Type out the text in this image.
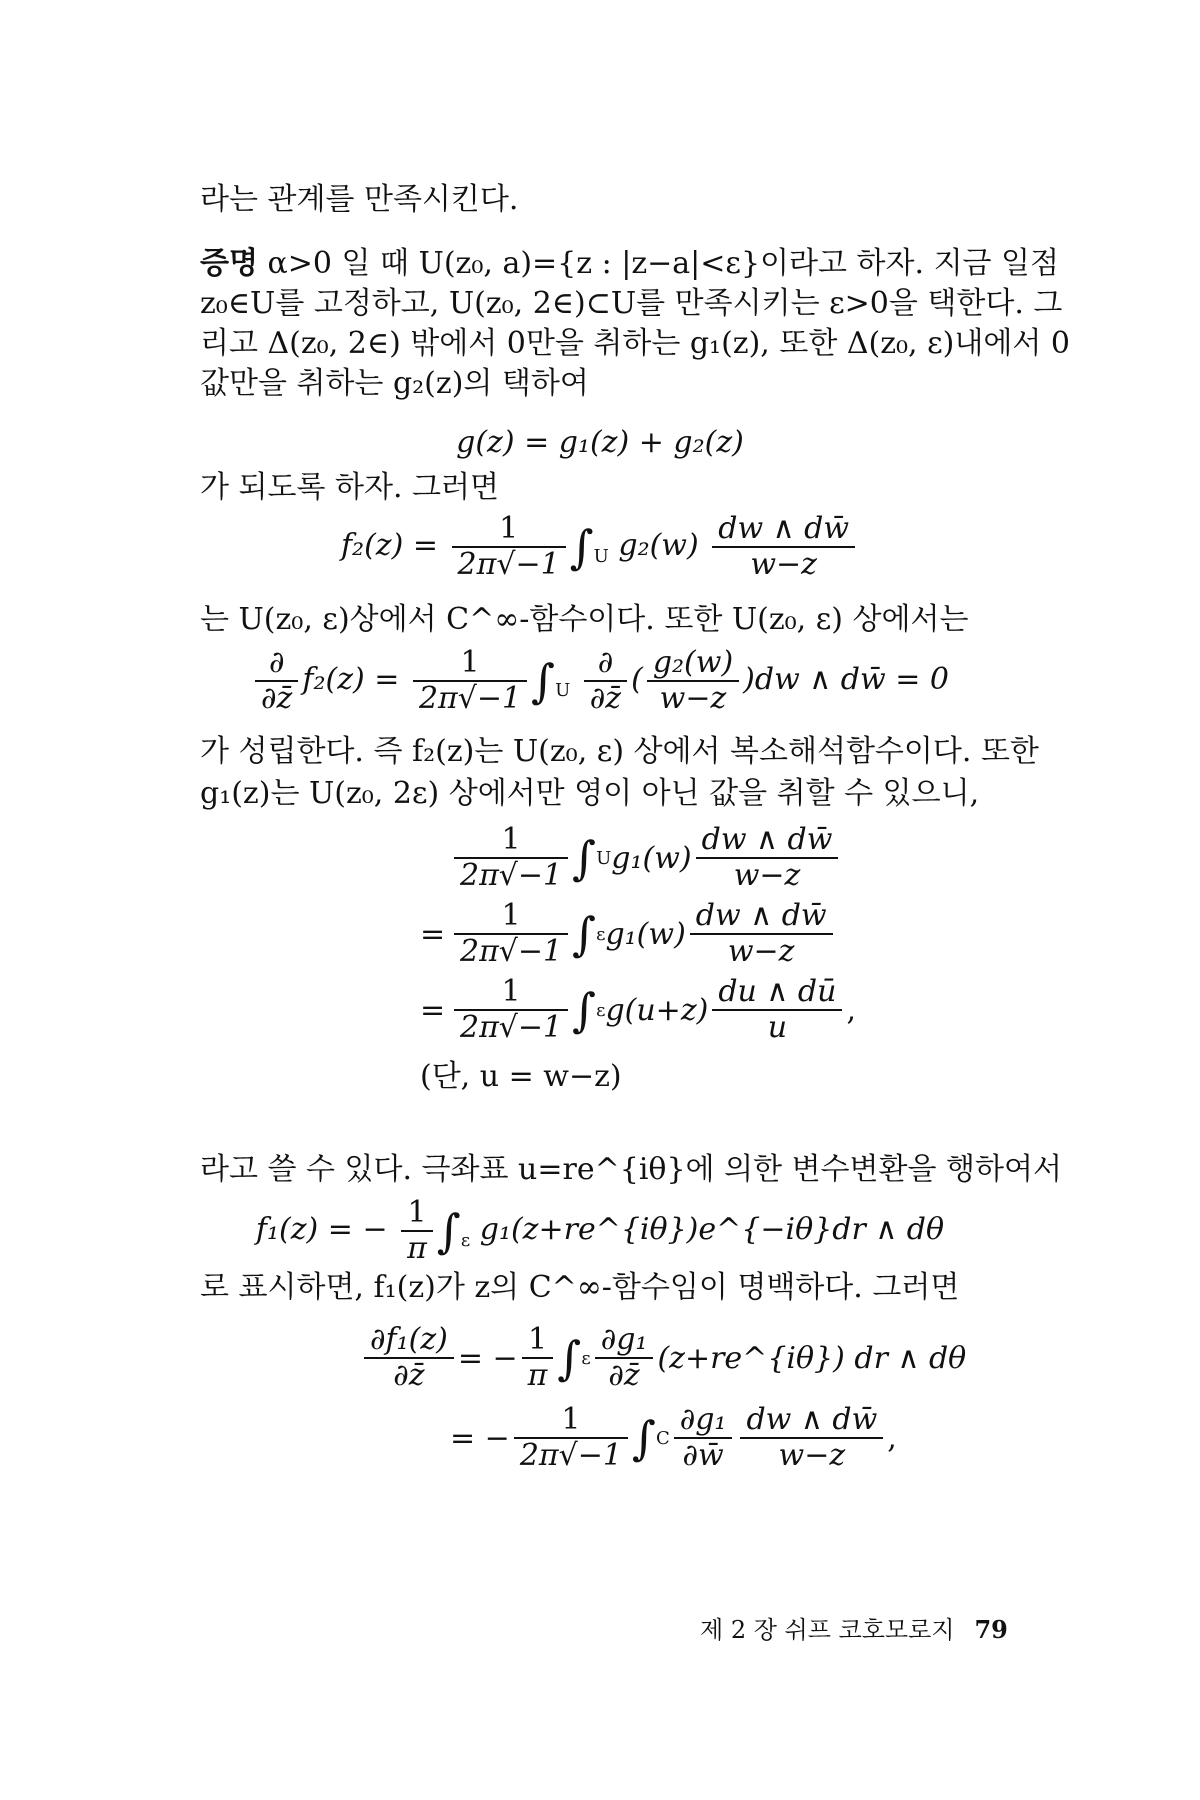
라는 관계를 만족시킨다.
증명 α>0 일 때 U(z₀, a)={z : |z−a|<ε}이라고 하자. 지금 일점
z₀∈U를 고정하고, U(z₀, 2∈)⊂U를 만족시키는 ε>0을 택한다. 그
리고 Δ(z₀, 2∈) 밖에서 0만을 취하는 g₁(z), 또한 Δ(z₀, ε)내에서 0
값만을 취하는 g₂(z)의 택하여
g(z) = g₁(z) + g₂(z)
가 되도록 하자. 그러면
$f_2(z) = \frac{1}{2\pi√-1} \int_U$ $g_2(w) \frac{dw \wedge dw̄}{w-z}$
는 U(z₀, ε)상에서 C^∞-함수이다. 또한 U(z₀, ε) 상에서는
$\frac{\partial}{\partial z̄} f_2(z) = \frac{1}{2\pi√-1} \int_U \frac{\partial}{\partial z̄}$ ( $\frac{\text{g₂(w)}}{w-z} )dw$ ∧ dw̄ = 0
가 성립한다. 즉 f₂(z)는 U(z₀, ε) 상에서 복소해석함수이다. 또한
g₁(z)는 U(z₀, 2ε) 상에서만 영이 아닌 값을 취할 수 있으니,
$\frac{1}{2\pi√-1}$ ∫ U $g_1(w) \frac{dw \wedge dw̄}{w-z}$
= $\frac{1}{2\pi√-1}$ ∫ ε $g_1(w) \frac{dw \wedge dw̄}{w-z}$
= $\frac{1}{2\pi√-1}$ ∫ ε $g(u+z) \frac{du \wedge dū}{u}$ ,
(단, u = w−z)
라고 쓸 수 있다. 극좌표 u=re^{iθ}에 의한 변수변환을 행하여서
f₁(z) = − $\frac{1}{\pi} \int_\varepsilon$ g₁(z+re^{iθ})e^{−iθ}dr ∧ dθ
로 표시하면, f₁(z)가 z의 C^∞-함수임이 명백하다. 그러면
$\frac{\text{∂f₁(z)}}{\partial z̄}$ = − $\frac{1}{\pi}$ ∫ ε $\frac{\text{∂g₁}}{\partial z̄}$ (z+re^{iθ}) dr ∧ dθ
= − $\frac{1}{2\pi√-1}$ ∫ C $\frac{\text{∂g₁}}{\partial w̄} \frac{dw \wedge dw̄}{w-z}$ ,
제 2 장 쉬프 코호모로지 79
